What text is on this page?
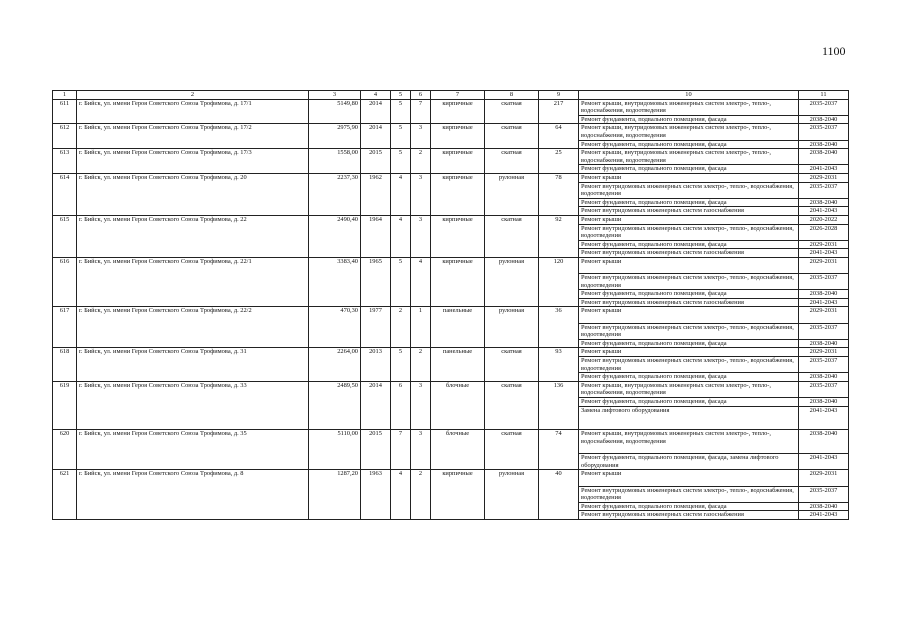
1100
1	2	3	4	5	6	7	8	9	10	11
611	г. Бийск, ул. имени Героя Советского Союза Трофимова, д. 17/1	5149,80	2014	5	7	кирпичные	скатная	217	Ремонт крыши, внутридомовых инженерных систем электро-, тепло-, водоснабжения, водоотведения	2035-2037
									Ремонт фундамента, подвального помещения, фасада	2038-2040
612	г. Бийск, ул. имени Героя Советского Союза Трофимова, д. 17/2	2975,90	2014	5	3	кирпичные	скатная	64	Ремонт крыши, внутридомовых инженерных систем электро-, тепло-, водоснабжения, водоотведения	2035-2037
									Ремонт фундамента, подвального помещения, фасада	2038-2040
613	г. Бийск, ул. имени Героя Советского Союза Трофимова, д. 17/3	1558,00	2015	5	2	кирпичные	скатная	25	Ремонт крыши, внутридомовых инженерных систем электро-, тепло-, водоснабжения, водоотведения	2038-2040
									Ремонт фундамента, подвального помещения, фасада	2041-2043
614	г. Бийск, ул. имени Героя Советского Союза Трофимова, д. 20	2237,30	1962	4	3	кирпичные	рулонная	78	Ремонт крыши	2029-2031
									Ремонт внутридомовых инженерных систем электро-, тепло-, водоснабжения, водоотведения	2035-2037
									Ремонт фундамента, подвального помещения, фасада	2038-2040
									Ремонт внутридомовых инженерных систем газоснабжения	2041-2043
615	г. Бийск, ул. имени Героя Советского Союза Трофимова, д. 22	2490,40	1964	4	3	кирпичные	скатная	92	Ремонт крыши	2020-2022
									Ремонт внутридомовых инженерных систем электро-, тепло-, водоснабжения, водоотведения	2026-2028
									Ремонт фундамента, подвального помещения, фасада	2029-2031
									Ремонт внутридомовых инженерных систем газоснабжения	2041-2043
616	г. Бийск, ул. имени Героя Советского Союза Трофимова, д. 22/1	3383,40	1965	5	4	кирпичные	рулонная	120	Ремонт крыши	2029-2031
									Ремонт внутридомовых инженерных систем электро-, тепло-, водоснабжения, водоотведения	2035-2037
									Ремонт фундамента, подвального помещения, фасада	2038-2040
									Ремонт внутридомовых инженерных систем газоснабжения	2041-2043
617	г. Бийск, ул. имени Героя Советского Союза Трофимова, д. 22/2	470,30	1977	2	1	панельные	рулонная	36	Ремонт крыши	2029-2031
									Ремонт внутридомовых инженерных систем электро-, тепло-, водоснабжения, водоотведения	2035-2037
									Ремонт фундамента, подвального помещения, фасада	2038-2040
618	г. Бийск, ул. имени Героя Советского Союза Трофимова, д. 31	2264,00	2013	5	2	панельные	скатная	93	Ремонт крыши	2029-2031
									Ремонт внутридомовых инженерных систем электро-, тепло-, водоснабжения, водоотведения	2035-2037
									Ремонт фундамента, подвального помещения, фасада	2038-2040
619	г. Бийск, ул. имени Героя Советского Союза Трофимова, д. 33	2489,50	2014	6	3	блочные	скатная	136	Ремонт крыши, внутридомовых инженерных систем электро-, тепло-, водоснабжения, водоотведения	2035-2037
									Ремонт фундамента, подвального помещения, фасада	2038-2040
									Замена лифтового оборудования	2041-2043
620	г. Бийск, ул. имени Героя Советского Союза Трофимова, д. 35	5110,00	2015	7	3	блочные	скатная	74	Ремонт крыши, внутридомовых инженерных систем электро-, тепло-, водоснабжения, водоотведения	2038-2040
									Ремонт фундамента, подвального помещения, фасада, замена лифтового оборудования	2041-2043
621	г. Бийск, ул. имени Героя Советского Союза Трофимова, д. 8	1287,20	1963	4	2	кирпичные	рулонная	40	Ремонт крыши	2029-2031
									Ремонт внутридомовых инженерных систем электро-, тепло-, водоснабжения, водоотведения	2035-2037
									Ремонт фундамента, подвального помещения, фасада	2038-2040
									Ремонт внутридомовых инженерных систем газоснабжения	2041-2043
